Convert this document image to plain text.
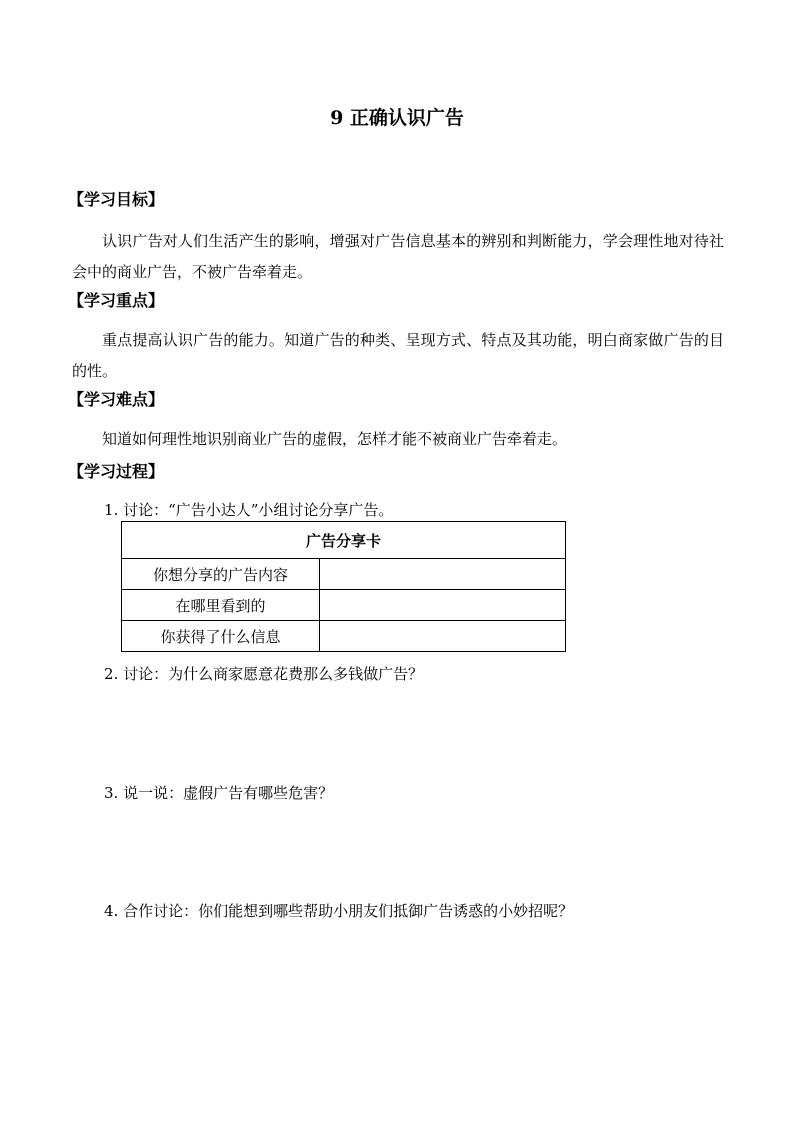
9 正确认识广告
【学习目标】
认识广告对人们生活产生的影响，增强对广告信息基本的辨别和判断能力，学会理性地对待社会中的商业广告，不被广告牵着走。
【学习重点】
重点提高认识广告的能力。知道广告的种类、呈现方式、特点及其功能，明白商家做广告的目的性。
【学习难点】
知道如何理性地识别商业广告的虚假，怎样才能不被商业广告牵着走。
【学习过程】
1. 讨论：“广告小达人”小组讨论分享广告。
广告分享卡	
你想分享的广告内容	
在哪里看到的	
你获得了什么信息	
2. 讨论：为什么商家愿意花费那么多钱做广告？
3. 说一说：虚假广告有哪些危害？
4. 合作讨论：你们能想到哪些帮助小朋友们抵御广告诱惑的小妙招呢？
